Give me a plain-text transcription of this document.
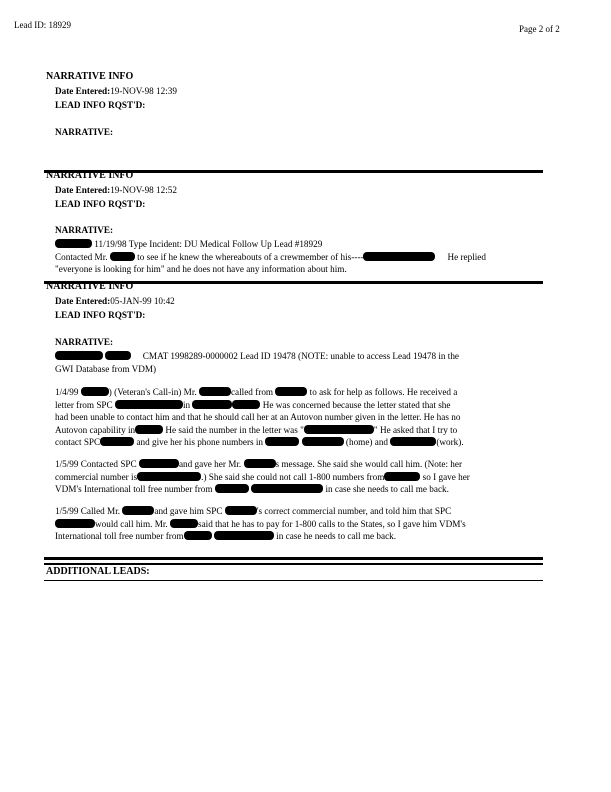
Lead ID: 18929	Page 2 of 2
NARRATIVE INFO
Date Entered:19-NOV-98 12:39
LEAD INFO RQST'D:
NARRATIVE:
NARRATIVE INFO
Date Entered:19-NOV-98 12:52
LEAD INFO RQST'D:
NARRATIVE:

11/19/98 Type Incident: DU Medical Follow Up Lead #18929

Contacted Mr.	to see if he knew the whereabouts of a crewmember of his----	He replied

"everyone is looking for him" and he does not have any information about him.

NARRATIVE INFO
Date Entered:05-JAN-99 10:42
LEAD INFO RQST'D:
NARRATIVE:

CMAT 1998289-0000002 Lead ID 19478 (NOTE: unable to access Lead 19478 in the

GWI Database from VDM)

1/4/99	) (Veteran's Call-in) Mr.	called from	to ask for help as follows. He received a

letter from SPC	in	He was concerned because the letter stated that she

had been unable to contact him and that he should call her at an Autovon number given in the letter. He has no

Autovon capability in	He said the number in the letter was "	" He asked that I try to

contact SPC	and give her his phone numbers in	(home) and	(work).

1/5/99 Contacted SPC	and gave her Mr.	s message. She said she would call him. (Note: her

commercial number is	.) She said she could not call 1-800 numbers from	so I gave her

VDM's International toll free number from	in case she needs to call me back.

1/5/99 Called Mr.	and gave him SPC	's correct commercial number, and told him that SPC

would call him. Mr.	said that he has to pay for 1-800 calls to the States, so I gave him VDM's

International toll free number from	in case he needs to call me back.

ADDITIONAL LEADS:
